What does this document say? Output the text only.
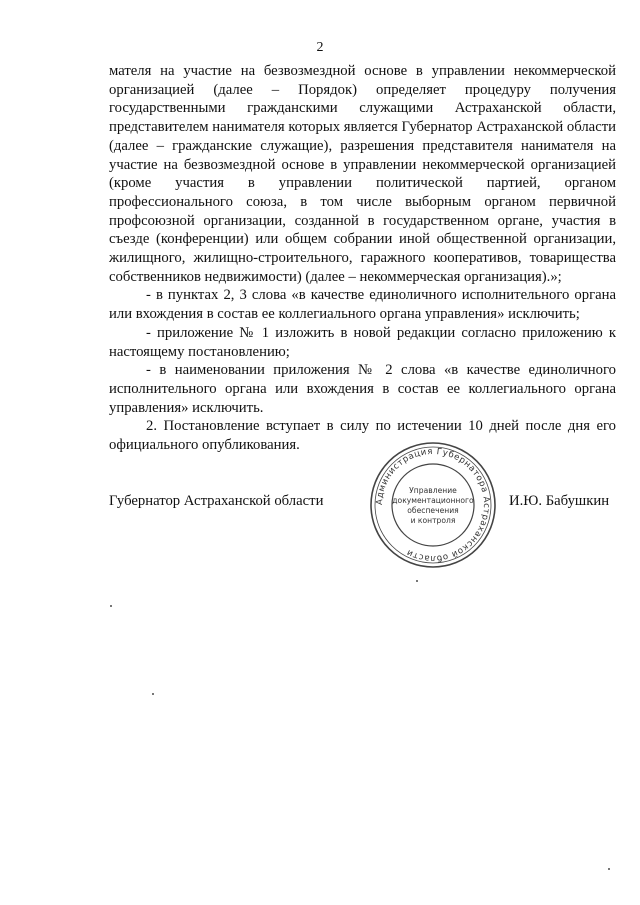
2

мателя на участие на безвозмездной основе в управлении некоммерческой организацией (далее – Порядок) определяет процедуру получения государственными гражданскими служащими Астраханской области, представителем нанимателя которых является Губернатор Астраханской области (далее – гражданские служащие), разрешения представителя нанимателя на участие на безвозмездной основе в управлении некоммерческой организацией (кроме участия в управлении политической партией, органом профессионального союза, в том числе выборным органом первичной профсоюзной организации, созданной в государственном органе, участия в съезде (конференции) или общем собрании иной общественной организации, жилищного, жилищно-строительного, гаражного кооперативов, товарищества собственников недвижимости) (далее – некоммерческая организация).»;

- в пунктах 2, 3 слова «в качестве единоличного исполнительного органа или вхождения в состав ее коллегиального органа управления» исключить;

- приложение № 1 изложить в новой редакции согласно приложению к настоящему постановлению;

- в наименовании приложения № 2 слова «в качестве единоличного исполнительного органа или вхождения в состав ее коллегиального органа управления» исключить.

2. Постановление вступает в силу по истечении 10 дней после дня его официального опубликования.

Губернатор Астраханской области	И.Ю. Бабушкин
Администрация Губернатора Астраханской области
Управление
документационного
обеспечения
и контроля
